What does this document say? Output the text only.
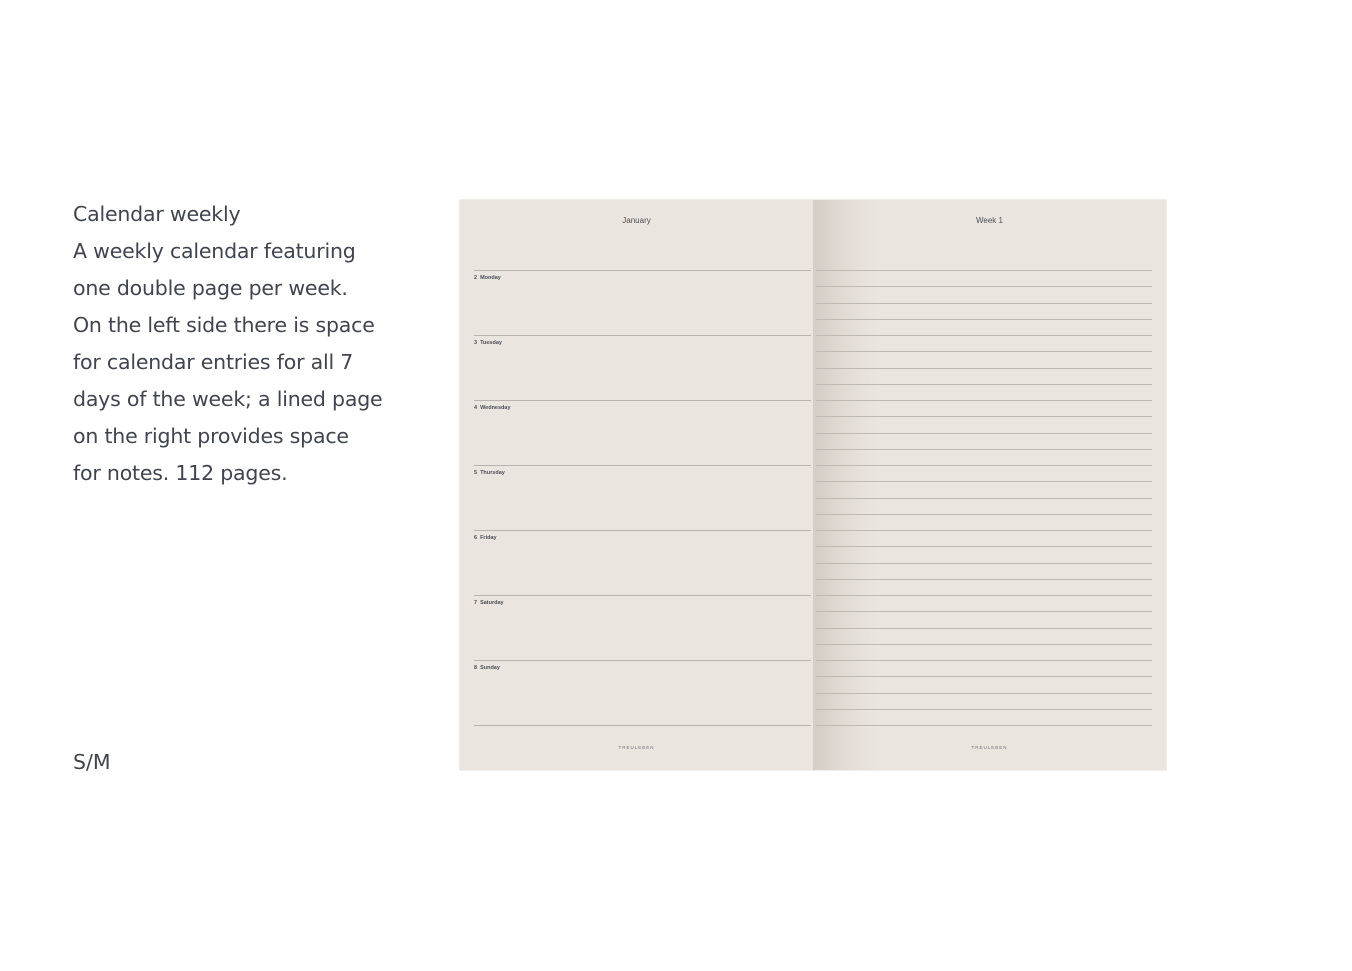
Calendar weekly
A weekly calendar featuring
one double page per week.
On the left side there is space
for calendar entries for all 7
days of the week; a lined page
on the right provides space
for notes. 112 pages.
S/M
January
2 Monday
3 Tuesday
4 Wednesday
5 Thursday
6 Friday
7 Saturday
8 Sunday
TREULEBEN
Week 1
TREULEBEN
